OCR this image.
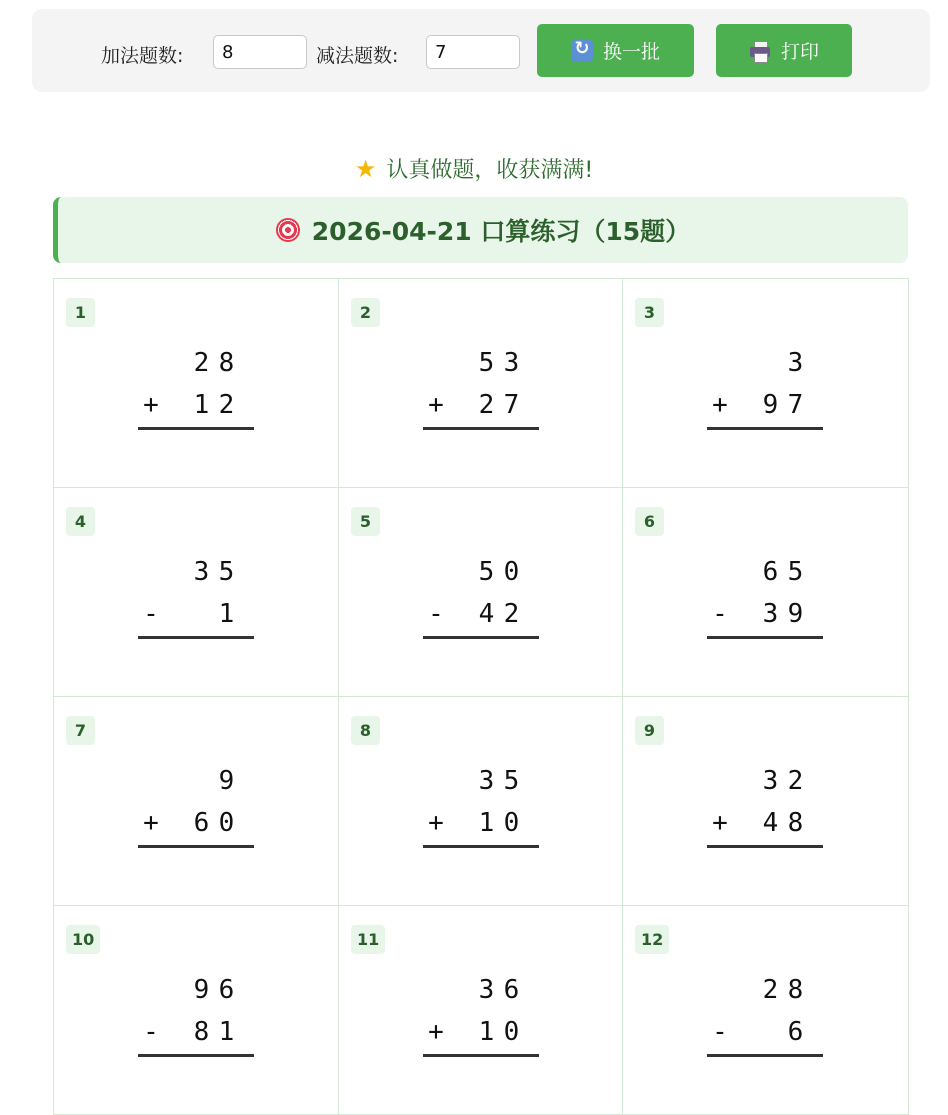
加法题数:
8	减法题数:
7
↻	换一批	打印
★ 认真做题，收获满满!
2026-04-21 口算练习（15题）
1
2 8
+ 1 2
2
5 3
+ 2 7
3
3
+ 9 7
4
3 5
- 1
5
5 0
- 4 2
6
6 5
- 3 9
7
9
+ 6 0
8
3 5
+ 1 0
9
3 2
+ 4 8
10
9 6
- 8 1
11
3 6
+ 1 0
12
2 8
- 6
